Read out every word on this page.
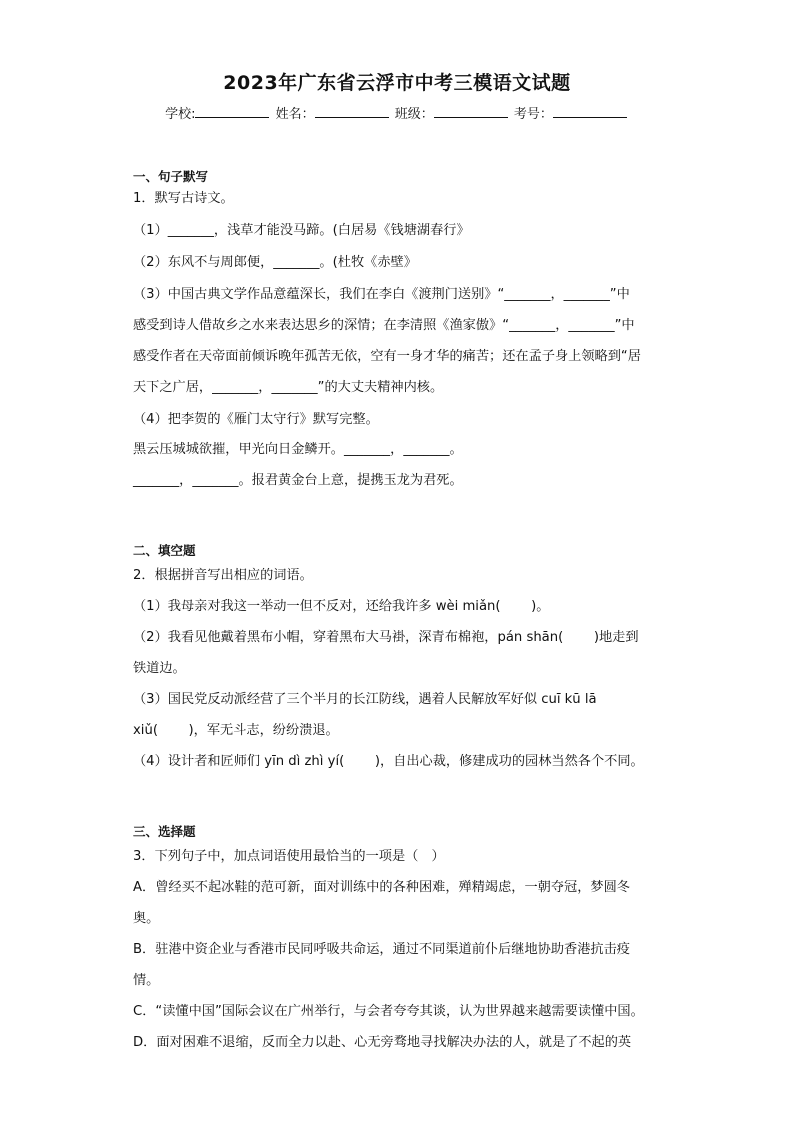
2023年广东省云浮市中考三模语文试题
学校:	姓名：	班级：	考号：
一、句子默写
1．默写古诗文。
（1）_______，浅草才能没马蹄。(白居易《钱塘湖春行》
（2）东风不与周郎便，_______。(杜牧《赤壁》
（3）中国古典文学作品意蕴深长，我们在李白《渡荆门送别》“_______，_______”中
感受到诗人借故乡之水来表达思乡的深情；在李清照《渔家傲》“_______，_______”中
感受作者在天帝面前倾诉晚年孤苦无依，空有一身才华的痛苦；还在孟子身上领略到“居
天下之广居，_______，_______”的大丈夫精神内核。
（4）把李贺的《雁门太守行》默写完整。
黑云压城城欲摧，甲光向日金鳞开。_______，_______。
_______，_______。报君黄金台上意，提携玉龙为君死。
二、填空题
2．根据拼音写出相应的词语。
（1）我母亲对我这一举动一但不反对，还给我许多 wèi miǎn(　　 )。
（2）我看见他戴着黑布小帽，穿着黑布大马褂，深青布棉袍，pán shān(　　 )地走到
铁道边。
（3）国民党反动派经营了三个半月的长江防线，遇着人民解放军好似 cuī kū lā
xiǔ(　　 )，军无斗志，纷纷溃退。
（4）设计者和匠师们 yīn dì zhì yí(　　 )，自出心裁，修建成功的园林当然各个不同。
三、选择题
3．下列句子中，加点词语使用最恰当的一项是（　）
A．曾经买不起冰鞋的范可新，面对训练中的各种困难，殚精竭虑，一朝夺冠，梦圆冬
奥。
B．驻港中资企业与香港市民同呼吸共命运，通过不同渠道前仆后继地协助香港抗击疫
情。
C．“读懂中国”国际会议在广州举行，与会者夸夸其谈，认为世界越来越需要读懂中国。
D．面对困难不退缩，反而全力以赴、心无旁骛地寻找解决办法的人，就是了不起的英
